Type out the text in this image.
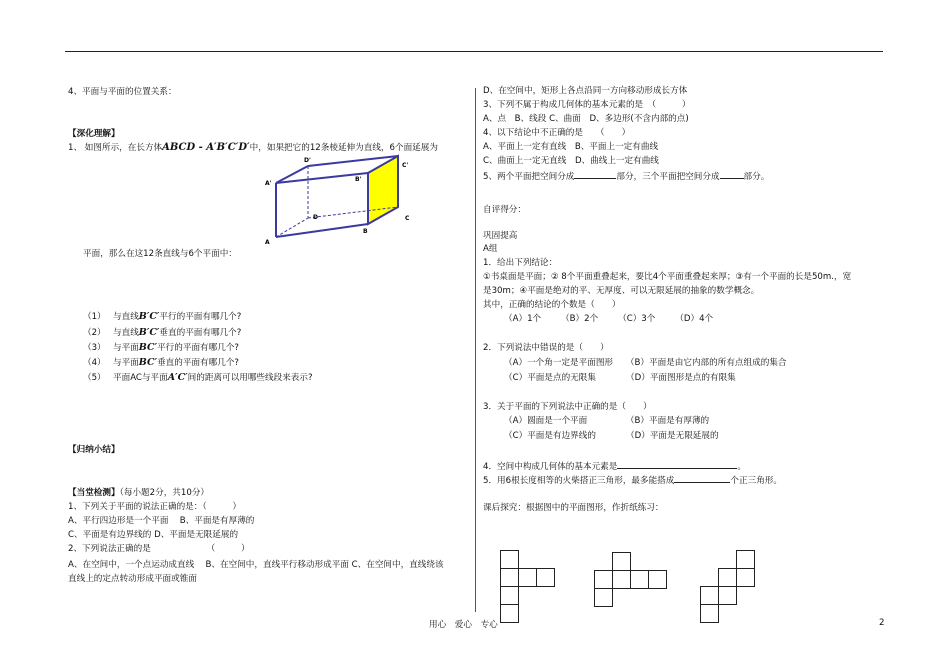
4、平面与平面的位置关系：
【深化理解】
1、 如图所示，在长方体ABCD - A′B′C′D′中，如果把它的12条棱延伸为直线，6个面延展为
D'
C'
A'
B'
D	C
A
B
平面，那么在这12条直线与6个平面中：
（1） 与直线B′C′平行的平面有哪几个?
（2） 与直线B′C′垂直的平面有哪几个?
（3） 与平面BC′平行的平面有哪几个?
（4） 与平面BC′垂直的平面有哪几个?
（5） 平面AC与平面A′C′间的距离可以用哪些线段来表示?
【归纳小结】
【当堂检测】（每小题2分，共10分）
1、下列关于平面的说法正确的是：（　　　）
A、平行四边形是一个平面　 B、平面是有厚薄的
C、平面是有边界线的 D、平面是无限延展的
2、下列说法正确的是　　　　　　　（　　　）
A、在空间中，一个点运动成直线　 B、在空间中，直线平行移动形成平面 C、在空间中，直线绕该
直线上的定点转动形成平面或锥面
D、在空间中，矩形上各点沿同一方向移动形成长方体
3、下列不属于构成几何体的基本元素的是　（　　　）
A、点　B、线段 C、曲面　D、多边形(不含内部的点)
4、以下结论中不正确的是　　（　　）
A、平面上一定有直线　B、平面上一定有曲线
C、曲面上一定无直线　D、曲线上一定有曲线
5、两个平面把空间分成	部分，三个平面把空间分成	部分。
自评得分：
巩固提高
A组
1．给出下列结论：
①书桌面是平面；② 8个平面重叠起来，要比4个平面重叠起来厚；③有一个平面的长是50m.，宽
是30m；④平面是绝对的平、无厚度、可以无限延展的抽象的数学概念。
其中，正确的结论的个数是（　　）
（A）1个　　 （B）2个　　 （C）3个　　 （D）4个
2．下列说法中错误的是（　　）
（A）一个角一定是平面图形　　（B）平面是由它内部的所有点组成的集合
（C）平面是点的无限集　　　　（D）平面图形是点的有限集
3．关于平面的下列说法中正确的是（　　）
（A）圆面是一个平面　　　　　（B）平面是有厚薄的
（C）平面是有边界线的　　　　（D）平面是无限延展的
4．空间中构成几何体的基本元素是	。
5．用6根长度相等的火柴搭正三角形，最多能搭成	个正三角形。
课后探究：根据图中的平面图形，作折纸练习：
用心　爱心　专心	2
